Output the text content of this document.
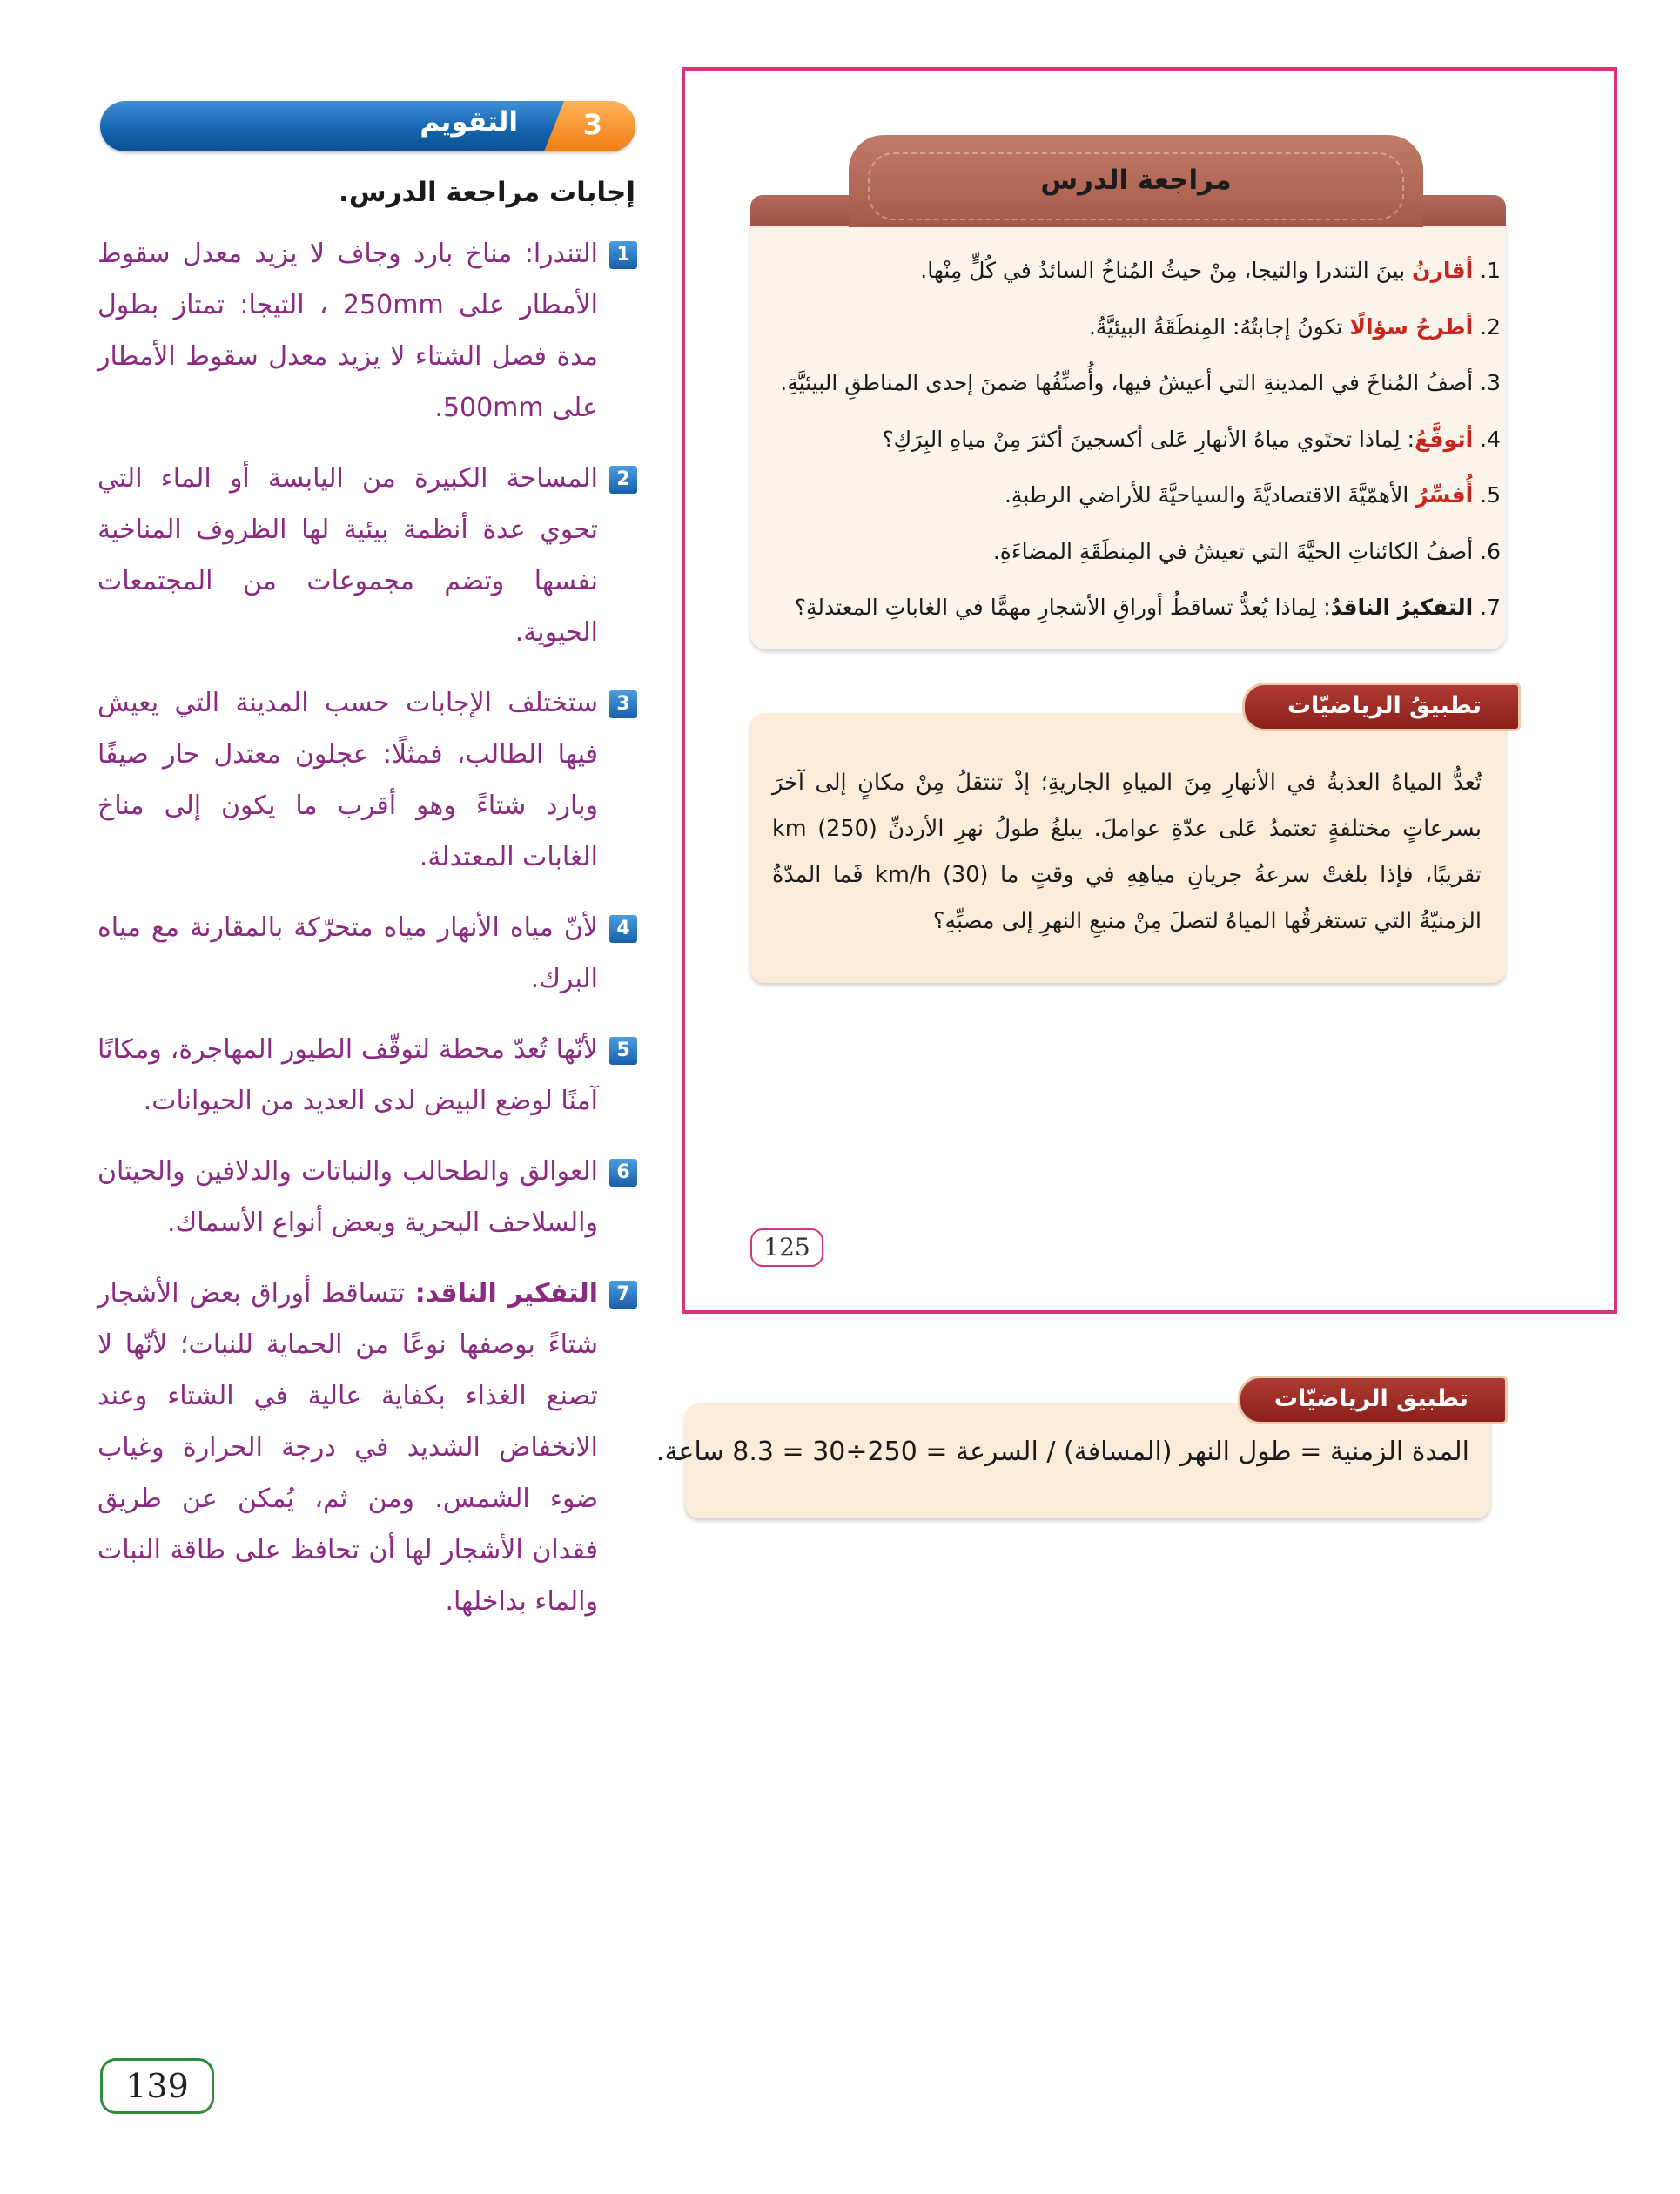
3
التقويم
إجابات مراجعة الدرس.
1
التندرا: مناخ بارد وجاف لا يزيد معدل سقوط الأمطار على 250mm ، التيجا: تمتاز بطول مدة فصل الشتاء لا يزيد معدل سقوط الأمطار على 500mm.
2
المساحة الكبيرة من اليابسة أو الماء التي تحوي عدة أنظمة بيئية لها الظروف المناخية نفسها وتضم مجموعات من المجتمعات الحيوية.
3
ستختلف الإجابات حسب المدينة التي يعيش فيها الطالب، فمثلًا: عجلون معتدل حار صيفًا وبارد شتاءً وهو أقرب ما يكون إلى مناخ الغابات المعتدلة.
4
لأنّ مياه الأنهار مياه متحرّكة بالمقارنة مع مياه البرك.
5
لأنّها تُعدّ محطة لتوقّف الطيور المهاجرة، ومكانًا آمنًا لوضع البيض لدى العديد من الحيوانات.
6
العوالق والطحالب والنباتات والدلافين والحيتان والسلاحف البحرية وبعض أنواع الأسماك.
7
التفكير الناقد: تتساقط أوراق بعض الأشجار شتاءً بوصفها نوعًا من الحماية للنبات؛ لأنّها لا تصنع الغذاء بكفاية عالية في الشتاء وعند الانخفاض الشديد في درجة الحرارة وغياب ضوء الشمس. ومن ثم، يُمكن عن طريق فقدان الأشجار لها أن تحافظ على طاقة النبات والماء بداخلها.
139
مراجعة الدرس
1. أقارنُ بينَ التندرا والتيجا، مِنْ حيثُ المُناخُ السائدُ في كُلٍّ مِنْها.
2. أطرحُ سؤالًا تكونُ إجابتُهُ: المِنطَقَةُ البيئيَّةُ.
3. أصفُ المُناخَ في المدينةِ التي أعيشُ فيها، وأُصنِّفُها ضمنَ إحدى المناطقِ البيئيَّةِ.
4. أتوقَّعُ: لِماذا تحتَوي مياهُ الأنهارِ عَلى أكسجينَ أكثرَ مِنْ مياهِ البِرَكِ؟
5. أُفسِّرُ الأهمّيَّةَ الاقتصاديَّةَ والسياحيَّةَ للأراضي الرطبةِ.
6. أصفُ الكائناتِ الحيَّةَ التي تعيشُ في المِنطَقَةِ المضاءَةِ.
7. التفكيرُ الناقدُ: لِماذا يُعدُّ تساقطُ أوراقِ الأشجارِ مهمًّا في الغاباتِ المعتدلةِ؟
تطبيقُ الرياضيّات
تُعدُّ المياهُ العذبةُ في الأنهارِ مِنَ المياهِ الجاريةِ؛ إذْ تنتقلُ مِنْ مكانٍ إلى آخرَ بسرعاتٍ مختلفةٍ تعتمدُ عَلى عدّةِ عواملَ. يبلغُ طولُ نهرِ الأردنِّ km (250) تقريبًا، فإذا بلغتْ سرعةُ جريانِ مياهِهِ في وقتٍ ما km/h (30) فَما المدّةُ الزمنيّةُ التي تستغرقُها المياهُ لتصلَ مِنْ منبعِ النهرِ إلى مصبِّهِ؟
125
تطبيق الرياضيّات
المدة الزمنية = طول النهر (المسافة) / السرعة = 250÷30 = 8.3 ساعة.
